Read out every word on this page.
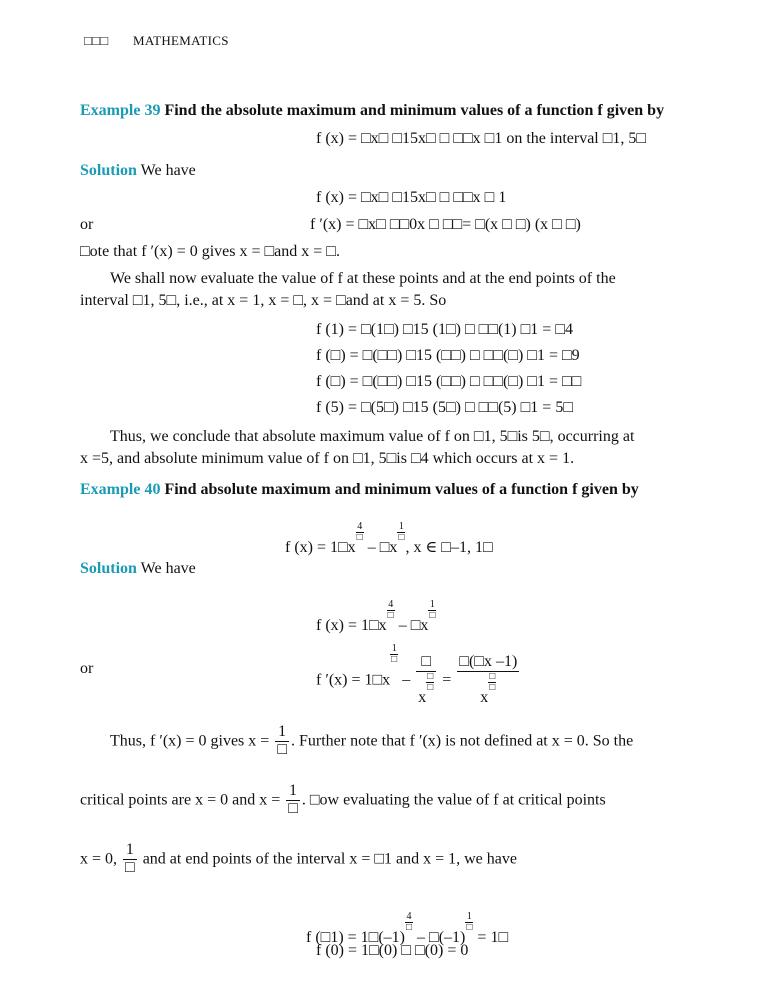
□□□ MATHEMATICS
Example 39 Find the absolute maximum and minimum values of a function f given by
f (x) = □x□ □15x□ □ □□x □1 on the interval □1, 5□
Solution We have
f (x) = □x□ □15x□ □ □□x □ 1
or	f ′(x) = □x□ □□0x □ □□= □(x □ □) (x □ □)
□ote that f ′(x) = 0 gives x = □and x = □.
We shall now evaluate the value of f at these points and at the end points of the
interval □1, 5□, i.e., at x = 1, x = □, x = □and at x = 5. So
f (1) = □(1□) □15 (1□) □ □□(1) □1 = □4
f (□) = □(□□) □15 (□□) □ □□(□) □1 = □9
f (□) = □(□□) □15 (□□) □ □□(□) □1 = □□
f (5) = □(5□) □15 (5□) □ □□(5) □1 = 5□
Thus, we conclude that absolute maximum value of f on □1, 5□is 5□, occurring at
x =5, and absolute minimum value of f on □1, 5□is □4 which occurs at x = 1.
Example 40 Find absolute maximum and minimum values of a function f given by
f (x) = 1□x
4
□
– □x
1
□
, x ∈ □–1, 1□
Solution We have
f (x) = 1□x
4
□
– □x
1
□
or
f ′(x) = 1□x
1
□
– □
x
□
□ = □(□x –1)
x
□
□
Thus, f ′(x) = 0 gives $x = \frac{1}{□}$ . Further note that f ′(x) is not defined at x = 0. So the
critical points are x = 0 and $x = \frac{1}{□}$ . □ow evaluating the value of f at critical points
x = 0, $\frac{1}{□}$ and at end points of the interval x = □1 and x = 1, we have
f (□1) = 1□(–1)
4
□
– □(–1)
1
□
= 1□
f (0) = 1□(0) □ □(0) = 0
